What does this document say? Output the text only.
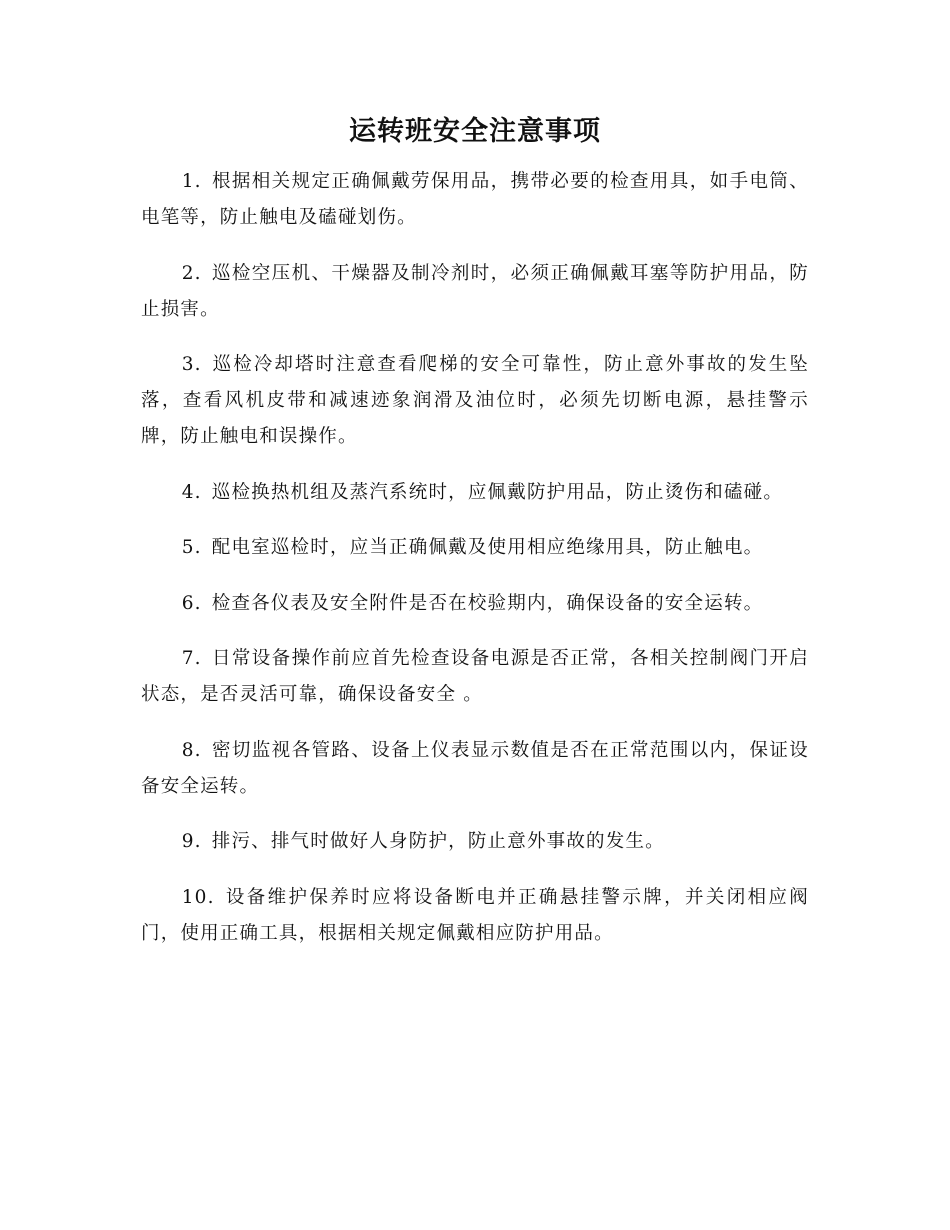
运转班安全注意事项

1. 根据相关规定正确佩戴劳保用品，携带必要的检查用具，如手电筒、电笔等，防止触电及磕碰划伤。

2. 巡检空压机、干燥器及制冷剂时，必须正确佩戴耳塞等防护用品，防止损害。

3. 巡检冷却塔时注意查看爬梯的安全可靠性，防止意外事故的发生坠落，查看风机皮带和减速迹象润滑及油位时，必须先切断电源，悬挂警示牌，防止触电和误操作。

4. 巡检换热机组及蒸汽系统时，应佩戴防护用品，防止烫伤和磕碰。

5. 配电室巡检时，应当正确佩戴及使用相应绝缘用具，防止触电。

6. 检查各仪表及安全附件是否在校验期内，确保设备的安全运转。

7. 日常设备操作前应首先检查设备电源是否正常，各相关控制阀门开启状态，是否灵活可靠，确保设备安全 。

8. 密切监视各管路、设备上仪表显示数值是否在正常范围以内，保证设备安全运转。

9. 排污、排气时做好人身防护，防止意外事故的发生。

10. 设备维护保养时应将设备断电并正确悬挂警示牌，并关闭相应阀门，使用正确工具，根据相关规定佩戴相应防护用品。
